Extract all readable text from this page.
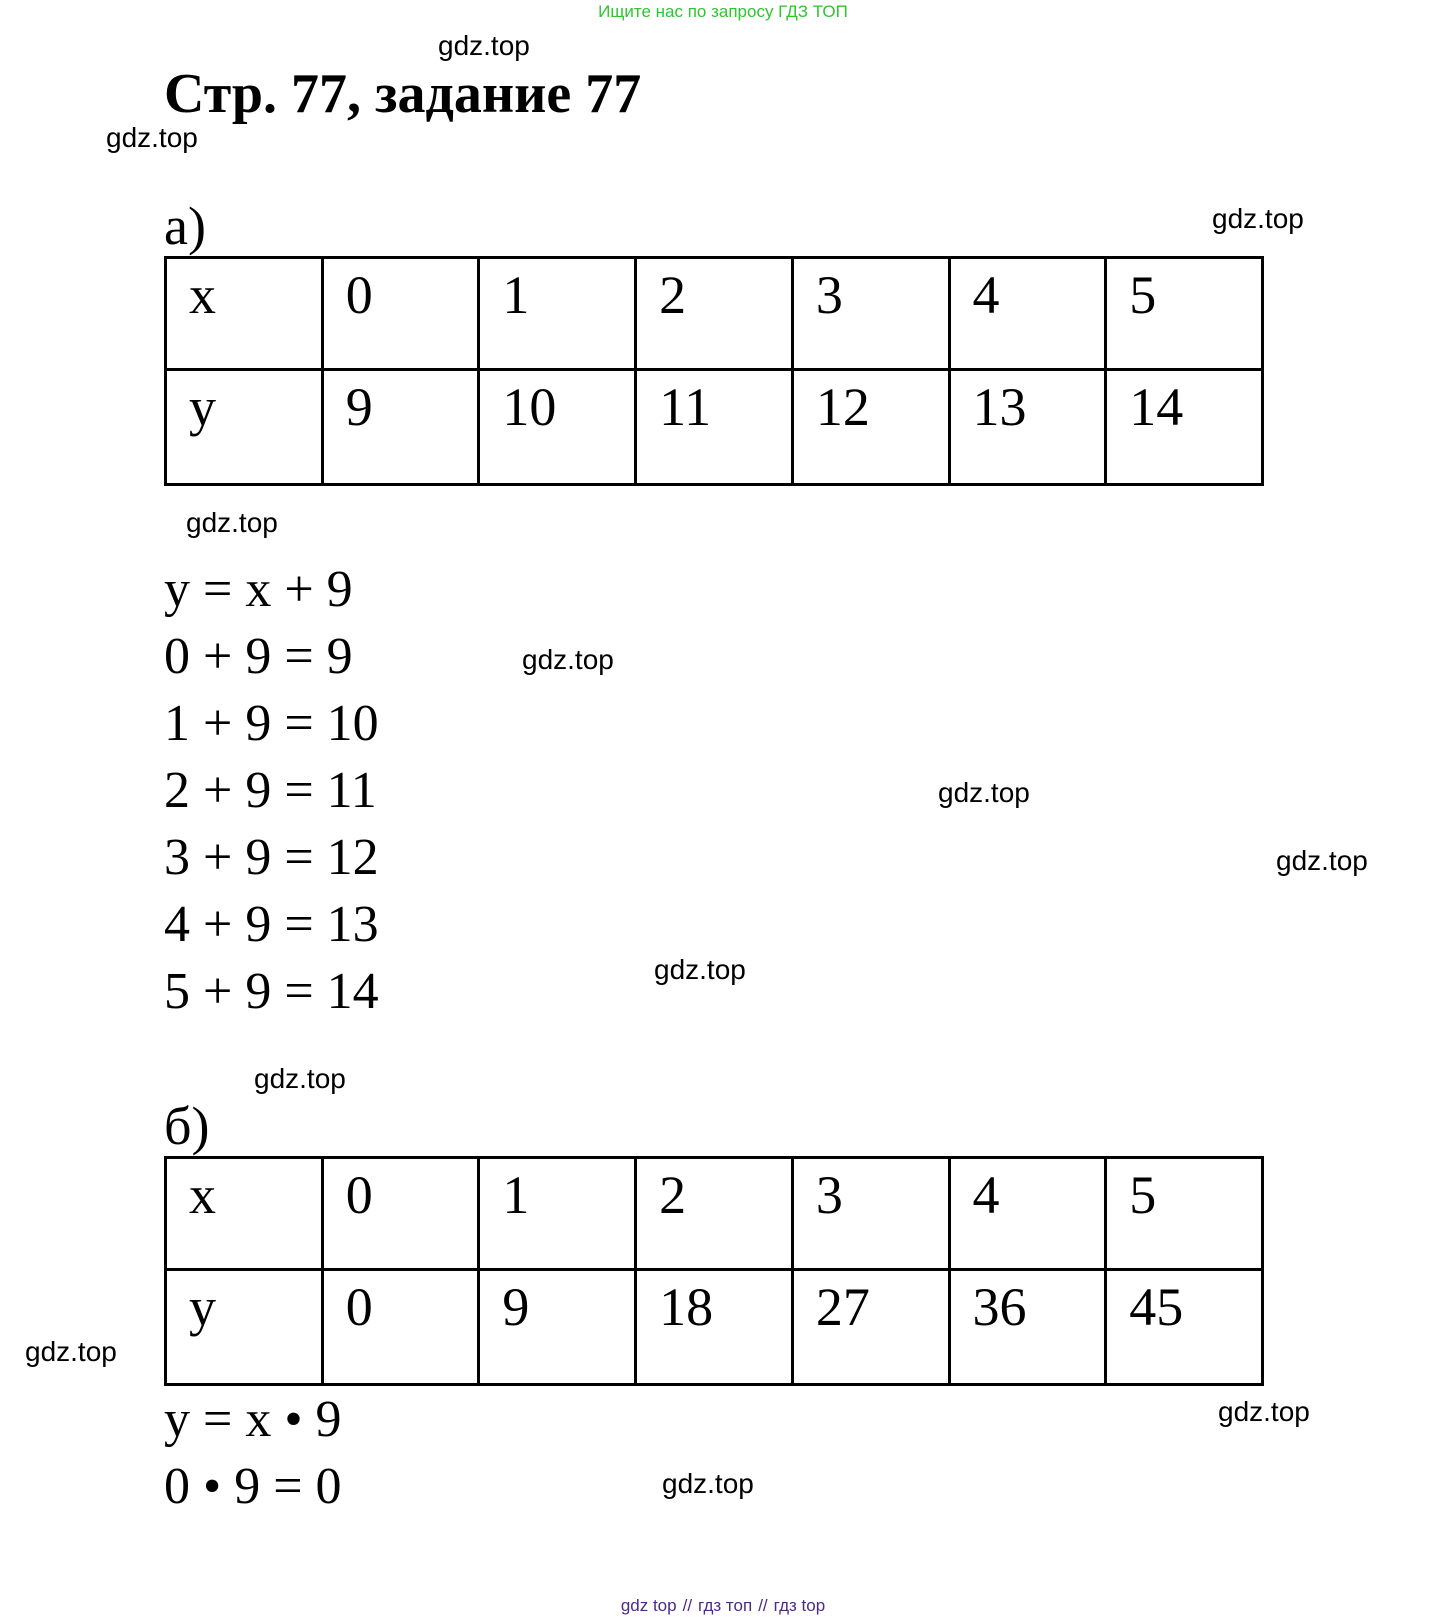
Ищите нас по запросу ГДЗ ТОП
Стр. 77, задание 77
а)
x	0	1	2	3	4	5
y	9	10	11	12	13	14
y = x + 9
0 + 9 = 9
1 + 9 = 10
2 + 9 = 11
3 + 9 = 12
4 + 9 = 13
5 + 9 = 14
б)
x	0	1	2	3	4	5
y	0	9	18	27	36	45
y = x • 9
0 • 9 = 0
gdz.top
gdz.top
gdz.top
gdz.top
gdz.top
gdz.top
gdz.top
gdz.top
gdz.top
gdz.top
gdz.top
gdz.top
gdz top // гдз топ // гдз top
